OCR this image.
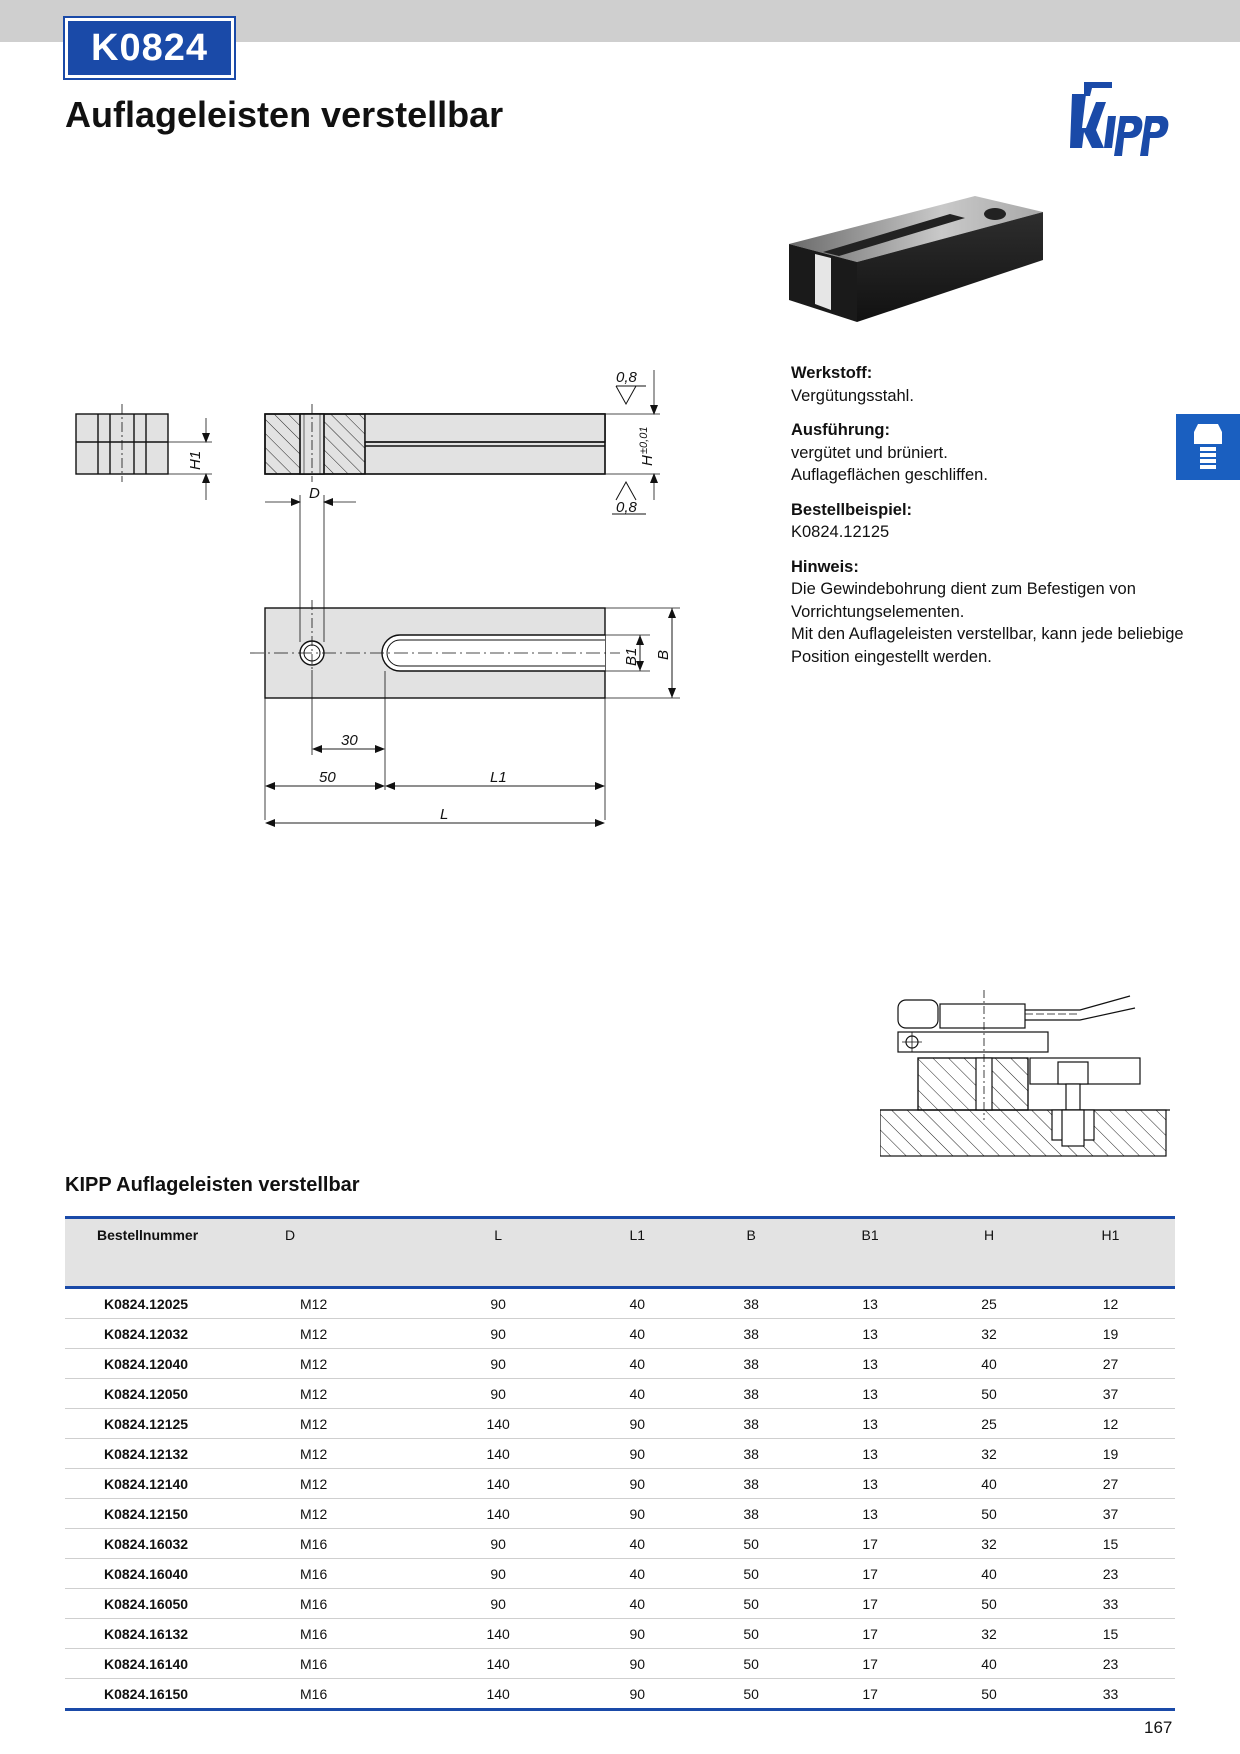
K0824
Auflageleisten verstellbar
H1	H
±0,01
0,8
0,8
D
B1 B
30
50	L1
L
Werkstoff:
Vergütungsstahl.
Ausführung:
vergütet und brüniert.
Auflageflächen geschliffen.
Bestellbeispiel:
K0824.12125
Hinweis:
Die Gewindebohrung dient zum Befestigen von
Vorrichtungselementen.
Mit den Auflageleisten verstellbar, kann jede beliebige
Position eingestellt werden.
KIPP Auflageleisten verstellbar
Bestellnummer	D	L	L1	B	B1	H	H1
K0824.12025	M12	90	40	38	13	25	12
K0824.12032	M12	90	40	38	13	32	19
K0824.12040	M12	90	40	38	13	40	27
K0824.12050	M12	90	40	38	13	50	37
K0824.12125	M12	140	90	38	13	25	12
K0824.12132	M12	140	90	38	13	32	19
K0824.12140	M12	140	90	38	13	40	27
K0824.12150	M12	140	90	38	13	50	37
K0824.16032	M16	90	40	50	17	32	15
K0824.16040	M16	90	40	50	17	40	23
K0824.16050	M16	90	40	50	17	50	33
K0824.16132	M16	140	90	50	17	32	15
K0824.16140	M16	140	90	50	17	40	23
K0824.16150	M16	140	90	50	17	50	33
167
